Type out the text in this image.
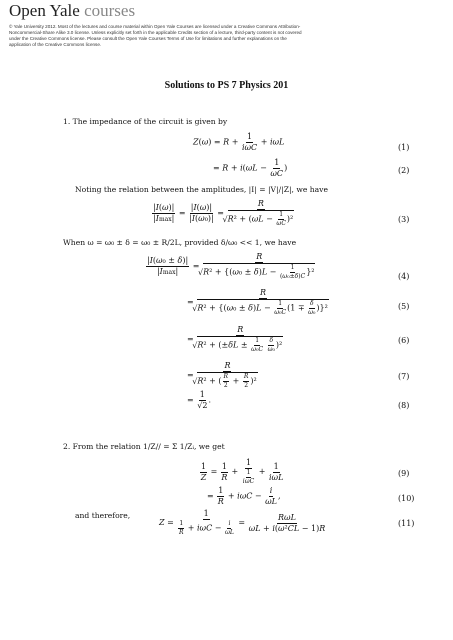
Open Yale courses
© Yale University 2012. Most of the lectures and course material within Open Yale Courses are licensed under a Creative Commons Attribution-Noncommercial-Share Alike 3.0 license. Unless explicitly set forth in the applicable Credits section of a lecture, third-party content is not covered under the Creative Commons license. Please consult the Open Yale Courses Terms of Use for limitations and further explanations on the application of the Creative Commons license.
Solutions to PS 7 Physics 201
1. The impedance of the circuit is given by
$Z(\omega) = R + \frac{1}{\text{iωC}} + i\omega L$
(1)
= $R + i(\omega L - \frac{1}{\omega C}$ )	(2)
Noting the relation between the amplitudes, |I| = |V|/|Z|, we have
$\frac{|I(\omega)|}{|Imax|} = \frac{|I(\omega)|}{\text{|I(ω₀)|}} = R$
√ $R^2 + (\omega L - \frac{1}{\omega C} )^2$	(3)
When ω = ω₀ ± δ = ω₀ ± R/2L, provided δ/ω₀ << 1, we have
$\frac{\text{|I(ω₀ ± δ)|}}{|Imax|} = R$
√ $R^2 + \{(\omega_0 \pm \delta)L - \frac{1}{\text{(ω₀±δ)C}} \}^2$	(4)
= R
√ $R^2 + \{(\omega_0 \pm \delta)L - \frac{1}{\text{ω₀C}} (1 \mp \frac{\delta}{\text{ω₀}} )\}^2$	(5)
= R
√ $R^2 + (\pm\delta L \pm \frac{1}{\text{ω₀C}}$
$\frac{\delta}{\text{ω₀}} )^2$	(6)
= R
√ R² + ( $\frac{R}{2} + \frac{R}{2} )^2$	(7)
= $\frac{1}{√2}$ .
(8)
2. From the relation 1/Z// = Σ 1/Zᵢ, we get
$\frac{1}{Z} = \frac{1}{R} + \frac{1}{\frac{1}{\text{iωC}}} + \frac{1}{\text{iωL}}$	(9)
= $\frac{1}{R} + i\omega C - \frac{i}{\omega L}$ ,	(10)
and therefore,
$Z = \frac{1}{\frac{1}{R} + i\omega C - \frac{i}{\omega L}} = \frac{\text{RωL}}{\text{ωL + i(ω²CL − 1)R}}$	(11)
